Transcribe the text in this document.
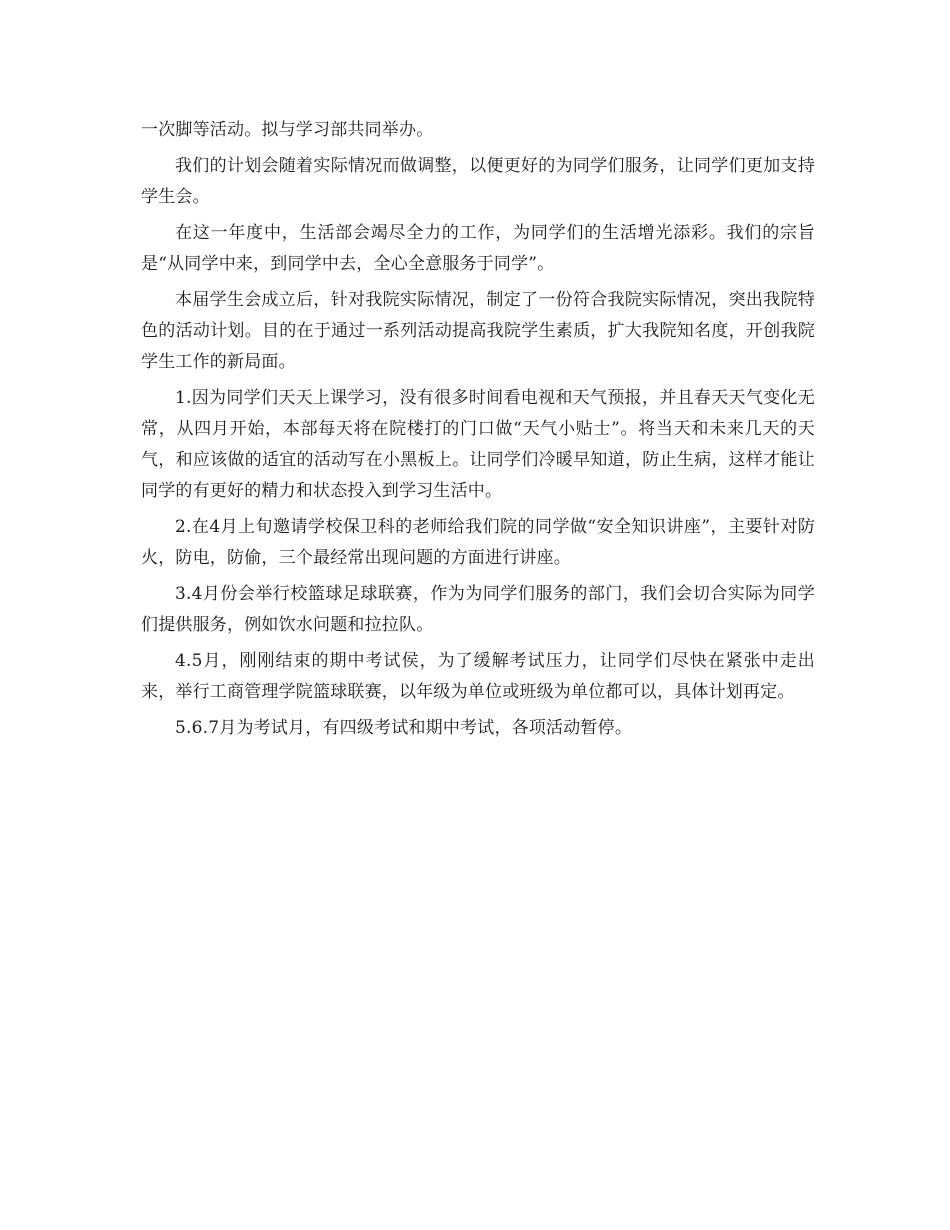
一次脚等活动。拟与学习部共同举办。

我们的计划会随着实际情况而做调整，以便更好的为同学们服务，让同学们更加支持学生会。

在这一年度中，生活部会竭尽全力的工作，为同学们的生活增光添彩。我们的宗旨是“从同学中来，到同学中去，全心全意服务于同学”。

本届学生会成立后，针对我院实际情况，制定了一份符合我院实际情况，突出我院特色的活动计划。目的在于通过一系列活动提高我院学生素质，扩大我院知名度，开创我院学生工作的新局面。

1.因为同学们天天上课学习，没有很多时间看电视和天气预报，并且春天天气变化无常，从四月开始，本部每天将在院楼打的门口做“天气小贴士”。将当天和未来几天的天气，和应该做的适宜的活动写在小黑板上。让同学们冷暖早知道，防止生病，这样才能让同学的有更好的精力和状态投入到学习生活中。

2.在4月上旬邀请学校保卫科的老师给我们院的同学做“安全知识讲座”，主要针对防火，防电，防偷，三个最经常出现问题的方面进行讲座。

3.4月份会举行校篮球足球联赛，作为为同学们服务的部门，我们会切合实际为同学们提供服务，例如饮水问题和拉拉队。

4.5月，刚刚结束的期中考试侯，为了缓解考试压力，让同学们尽快在紧张中走出来，举行工商管理学院篮球联赛，以年级为单位或班级为单位都可以，具体计划再定。

5.6.7月为考试月，有四级考试和期中考试，各项活动暂停。
